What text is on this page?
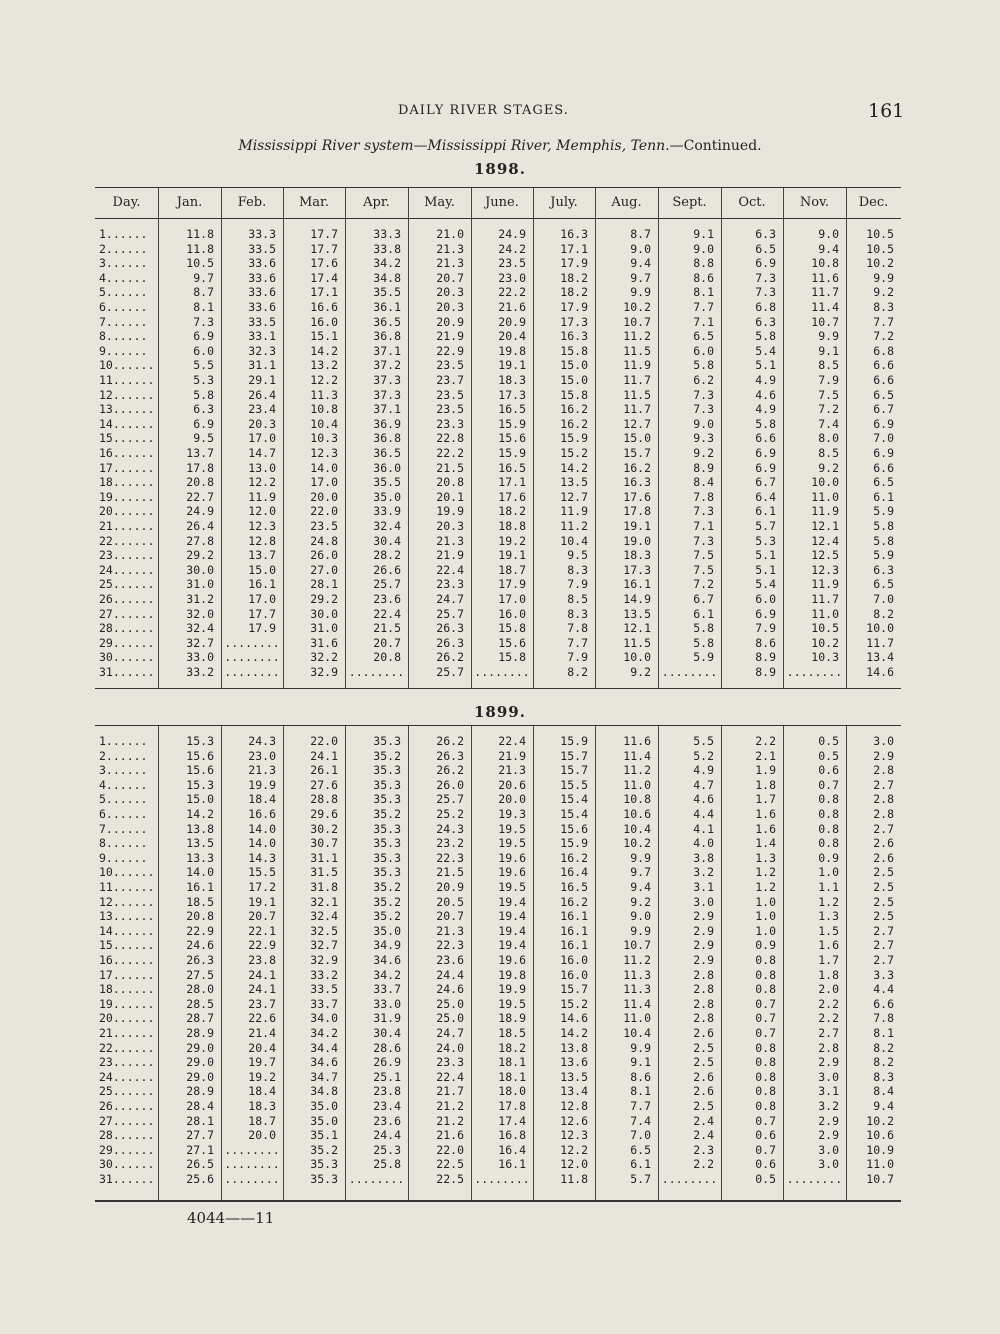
DAILY RIVER STAGES.	161
Mississippi River system—Mississippi River, Memphis, Tenn.—Continued.
1898.
Day.	Jan.	Feb.	Mar.	Apr.	May.	June.	July.	Aug.	Sept.	Oct.	Nov.	Dec.
1......	11.8	33.3	17.7	33.3	21.0	24.9	16.3	8.7	9.1	6.3	9.0	10.5
2......	11.8	33.5	17.7	33.8	21.3	24.2	17.1	9.0	9.0	6.5	9.4	10.5
3......	10.5	33.6	17.6	34.2	21.3	23.5	17.9	9.4	8.8	6.9	10.8	10.2
4......	9.7	33.6	17.4	34.8	20.7	23.0	18.2	9.7	8.6	7.3	11.6	9.9
5......	8.7	33.6	17.1	35.5	20.3	22.2	18.2	9.9	8.1	7.3	11.7	9.2
6......	8.1	33.6	16.6	36.1	20.3	21.6	17.9	10.2	7.7	6.8	11.4	8.3
7......	7.3	33.5	16.0	36.5	20.9	20.9	17.3	10.7	7.1	6.3	10.7	7.7
8......	6.9	33.1	15.1	36.8	21.9	20.4	16.3	11.2	6.5	5.8	9.9	7.2
9......	6.0	32.3	14.2	37.1	22.9	19.8	15.8	11.5	6.0	5.4	9.1	6.8
10......	5.5	31.1	13.2	37.2	23.5	19.1	15.0	11.9	5.8	5.1	8.5	6.6
11......	5.3	29.1	12.2	37.3	23.7	18.3	15.0	11.7	6.2	4.9	7.9	6.6
12......	5.8	26.4	11.3	37.3	23.5	17.3	15.8	11.5	7.3	4.6	7.5	6.5
13......	6.3	23.4	10.8	37.1	23.5	16.5	16.2	11.7	7.3	4.9	7.2	6.7
14......	6.9	20.3	10.4	36.9	23.3	15.9	16.2	12.7	9.0	5.8	7.4	6.9
15......	9.5	17.0	10.3	36.8	22.8	15.6	15.9	15.0	9.3	6.6	8.0	7.0
16......	13.7	14.7	12.3	36.5	22.2	15.9	15.2	15.7	9.2	6.9	8.5	6.9
17......	17.8	13.0	14.0	36.0	21.5	16.5	14.2	16.2	8.9	6.9	9.2	6.6
18......	20.8	12.2	17.0	35.5	20.8	17.1	13.5	16.3	8.4	6.7	10.0	6.5
19......	22.7	11.9	20.0	35.0	20.1	17.6	12.7	17.6	7.8	6.4	11.0	6.1
20......	24.9	12.0	22.0	33.9	19.9	18.2	11.9	17.8	7.3	6.1	11.9	5.9
21......	26.4	12.3	23.5	32.4	20.3	18.8	11.2	19.1	7.1	5.7	12.1	5.8
22......	27.8	12.8	24.8	30.4	21.3	19.2	10.4	19.0	7.3	5.3	12.4	5.8
23......	29.2	13.7	26.0	28.2	21.9	19.1	9.5	18.3	7.5	5.1	12.5	5.9
24......	30.0	15.0	27.0	26.6	22.4	18.7	8.3	17.3	7.5	5.1	12.3	6.3
25......	31.0	16.1	28.1	25.7	23.3	17.9	7.9	16.1	7.2	5.4	11.9	6.5
26......	31.2	17.0	29.2	23.6	24.7	17.0	8.5	14.9	6.7	6.0	11.7	7.0
27......	32.0	17.7	30.0	22.4	25.7	16.0	8.3	13.5	6.1	6.9	11.0	8.2
28......	32.4	17.9	31.0	21.5	26.3	15.8	7.8	12.1	5.8	7.9	10.5	10.0
29......	32.7 ........	31.6	20.7	26.3	15.6	7.7	11.5	5.8	8.6	10.2	11.7
30......	33.0 ........	32.2	20.8	26.2	15.8	7.9	10.0	5.9	8.9	10.3	13.4
31......	33.2 ........	32.9 ........	25.7 ........	8.2	9.2 ........	8.9 ........	14.6
1899.
1......	15.3	24.3	22.0	35.3	26.2	22.4	15.9	11.6	5.5	2.2	0.5	3.0
2......	15.6	23.0	24.1	35.2	26.3	21.9	15.7	11.4	5.2	2.1	0.5	2.9
3......	15.6	21.3	26.1	35.3	26.2	21.3	15.7	11.2	4.9	1.9	0.6	2.8
4......	15.3	19.9	27.6	35.3	26.0	20.6	15.5	11.0	4.7	1.8	0.7	2.7
5......	15.0	18.4	28.8	35.3	25.7	20.0	15.4	10.8	4.6	1.7	0.8	2.8
6......	14.2	16.6	29.6	35.2	25.2	19.3	15.4	10.6	4.4	1.6	0.8	2.8
7......	13.8	14.0	30.2	35.3	24.3	19.5	15.6	10.4	4.1	1.6	0.8	2.7
8......	13.5	14.0	30.7	35.3	23.2	19.5	15.9	10.2	4.0	1.4	0.8	2.6
9......	13.3	14.3	31.1	35.3	22.3	19.6	16.2	9.9	3.8	1.3	0.9	2.6
10......	14.0	15.5	31.5	35.3	21.5	19.6	16.4	9.7	3.2	1.2	1.0	2.5
11......	16.1	17.2	31.8	35.2	20.9	19.5	16.5	9.4	3.1	1.2	1.1	2.5
12......	18.5	19.1	32.1	35.2	20.5	19.4	16.2	9.2	3.0	1.0	1.2	2.5
13......	20.8	20.7	32.4	35.2	20.7	19.4	16.1	9.0	2.9	1.0	1.3	2.5
14......	22.9	22.1	32.5	35.0	21.3	19.4	16.1	9.9	2.9	1.0	1.5	2.7
15......	24.6	22.9	32.7	34.9	22.3	19.4	16.1	10.7	2.9	0.9	1.6	2.7
16......	26.3	23.8	32.9	34.6	23.6	19.6	16.0	11.2	2.9	0.8	1.7	2.7
17......	27.5	24.1	33.2	34.2	24.4	19.8	16.0	11.3	2.8	0.8	1.8	3.3
18......	28.0	24.1	33.5	33.7	24.6	19.9	15.7	11.3	2.8	0.8	2.0	4.4
19......	28.5	23.7	33.7	33.0	25.0	19.5	15.2	11.4	2.8	0.7	2.2	6.6
20......	28.7	22.6	34.0	31.9	25.0	18.9	14.6	11.0	2.8	0.7	2.2	7.8
21......	28.9	21.4	34.2	30.4	24.7	18.5	14.2	10.4	2.6	0.7	2.7	8.1
22......	29.0	20.4	34.4	28.6	24.0	18.2	13.8	9.9	2.5	0.8	2.8	8.2
23......	29.0	19.7	34.6	26.9	23.3	18.1	13.6	9.1	2.5	0.8	2.9	8.2
24......	29.0	19.2	34.7	25.1	22.4	18.1	13.5	8.6	2.6	0.8	3.0	8.3
25......	28.9	18.4	34.8	23.8	21.7	18.0	13.4	8.1	2.6	0.8	3.1	8.4
26......	28.4	18.3	35.0	23.4	21.2	17.8	12.8	7.7	2.5	0.8	3.2	9.4
27......	28.1	18.7	35.0	23.6	21.2	17.4	12.6	7.4	2.4	0.7	2.9	10.2
28......	27.7	20.0	35.1	24.4	21.6	16.8	12.3	7.0	2.4	0.6	2.9	10.6
29......	27.1 ........	35.2	25.3	22.0	16.4	12.2	6.5	2.3	0.7	3.0	10.9
30......	26.5 ........	35.3	25.8	22.5	16.1	12.0	6.1	2.2	0.6	3.0	11.0
31......	25.6 ........	35.3 ........	22.5 ........	11.8	5.7 ........	0.5 ........	10.7
4044——11
